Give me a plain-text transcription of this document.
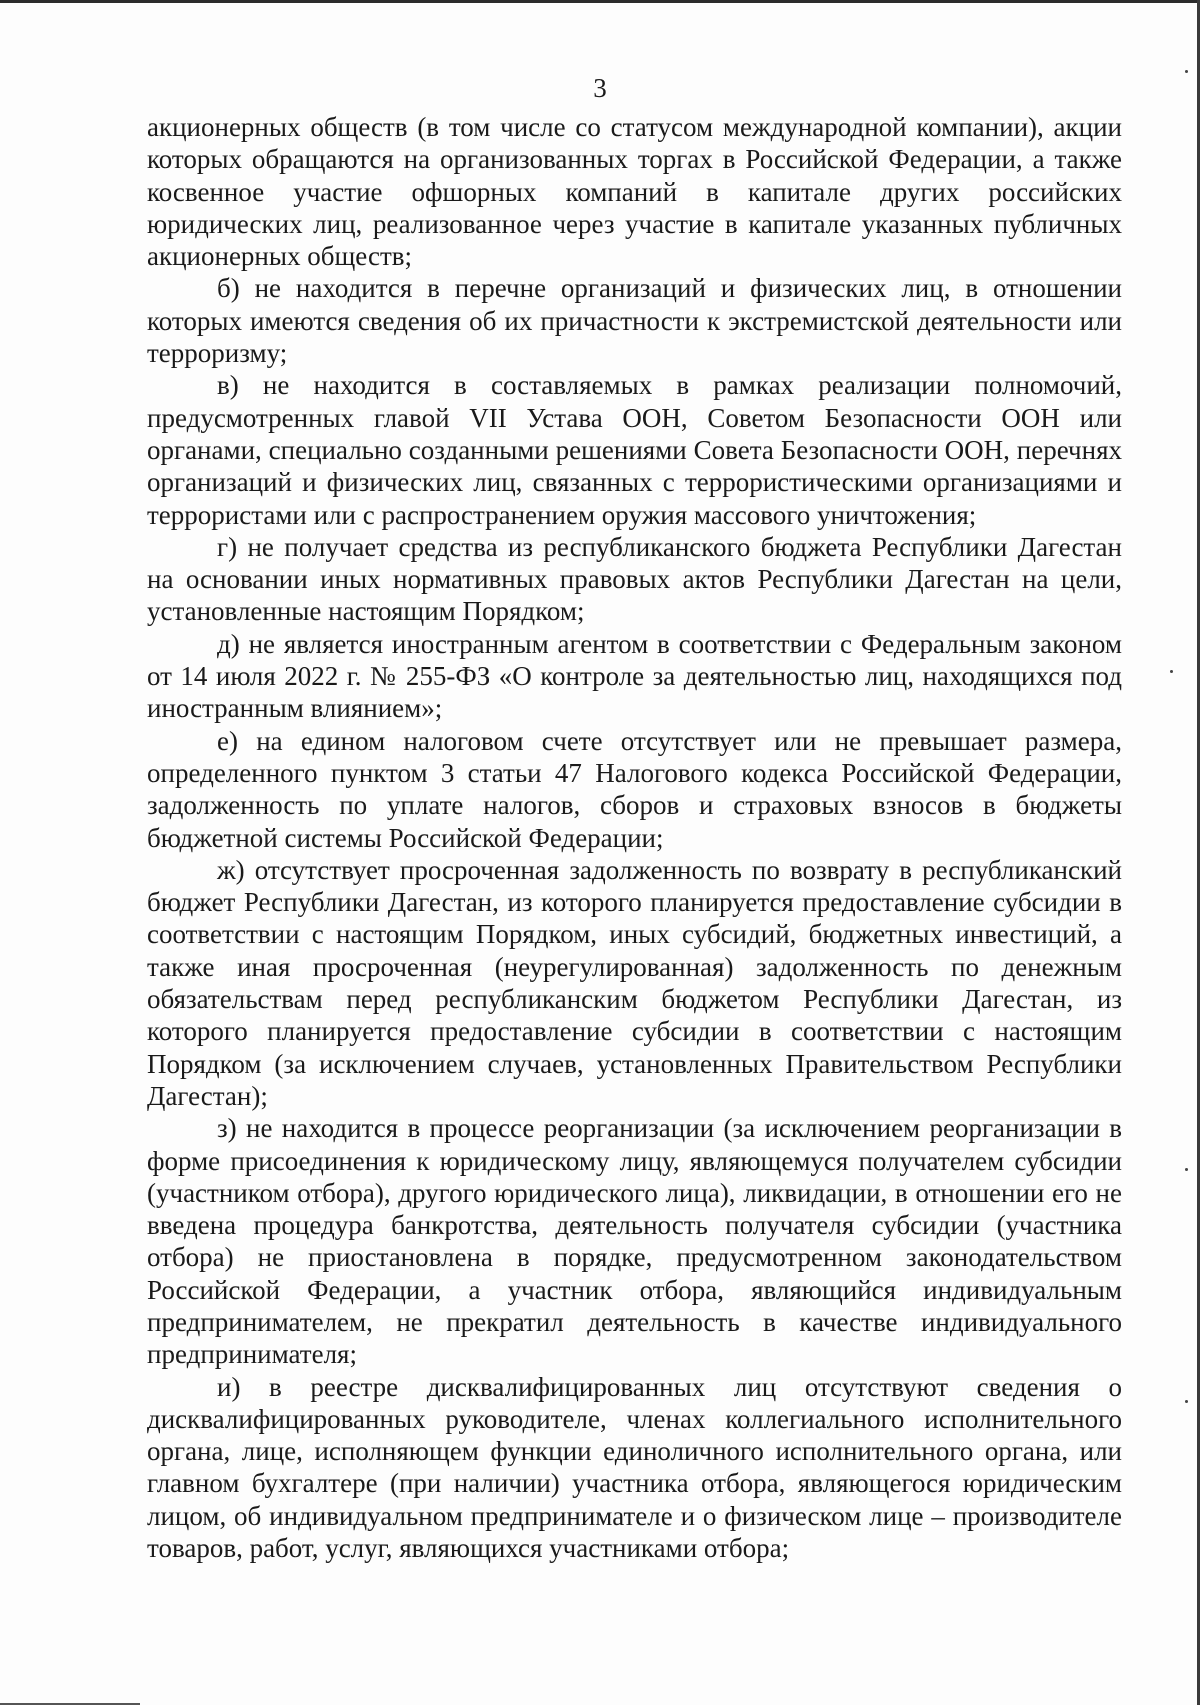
3

акционерных обществ (в том числе со статусом международной компании), акции которых обращаются на организованных торгах в Российской Федерации, а также косвенное участие офшорных компаний в капитале других российских юридических лиц, реализованное через участие в капитале указанных публичных акционерных обществ;

б) не находится в перечне организаций и физических лиц, в отношении которых имеются сведения об их причастности к экстремистской деятельности или терроризму;

в) не находится в составляемых в рамках реализации полномочий, предусмотренных главой VII Устава ООН, Советом Безопасности ООН или органами, специально созданными решениями Совета Безопасности ООН, перечнях организаций и физических лиц, связанных с террористическими организациями и террористами или с распространением оружия массового уничтожения;

г) не получает средства из республиканского бюджета Республики Дагестан на основании иных нормативных правовых актов Республики Дагестан на цели, установленные настоящим Порядком;

д) не является иностранным агентом в соответствии с Федеральным законом от 14 июля 2022 г. № 255-ФЗ «О контроле за деятельностью лиц, находящихся под иностранным влиянием»;

е) на едином налоговом счете отсутствует или не превышает размера, определенного пунктом 3 статьи 47 Налогового кодекса Российской Федерации, задолженность по уплате налогов, сборов и страховых взносов в бюджеты бюджетной системы Российской Федерации;

ж) отсутствует просроченная задолженность по возврату в республиканский бюджет Республики Дагестан, из которого планируется предоставление субсидии в соответствии с настоящим Порядком, иных субсидий, бюджетных инвестиций, а также иная просроченная (неурегулированная) задолженность по денежным обязательствам перед республиканским бюджетом Республики Дагестан, из которого планируется предоставление субсидии в соответствии с настоящим Порядком (за исключением случаев, установленных Правительством Республики Дагестан);

з) не находится в процессе реорганизации (за исключением реорганизации в форме присоединения к юридическому лицу, являющемуся получателем субсидии (участником отбора), другого юридического лица), ликвидации, в отношении его не введена процедура банкротства, деятельность получателя субсидии (участника отбора) не приостановлена в порядке, предусмотренном законодательством Российской Федерации, а участник отбора, являющийся индивидуальным предпринимателем, не прекратил деятельность в качестве индивидуального предпринимателя;

и) в реестре дисквалифицированных лиц отсутствуют сведения о дисквалифицированных руководителе, членах коллегиального исполнительного органа, лице, исполняющем функции единоличного исполнительного органа, или главном бухгалтере (при наличии) участника отбора, являющегося юридическим лицом, об индивидуальном предпринимателе и о физическом лице – производителе товаров, работ, услуг, являющихся участниками отбора;
